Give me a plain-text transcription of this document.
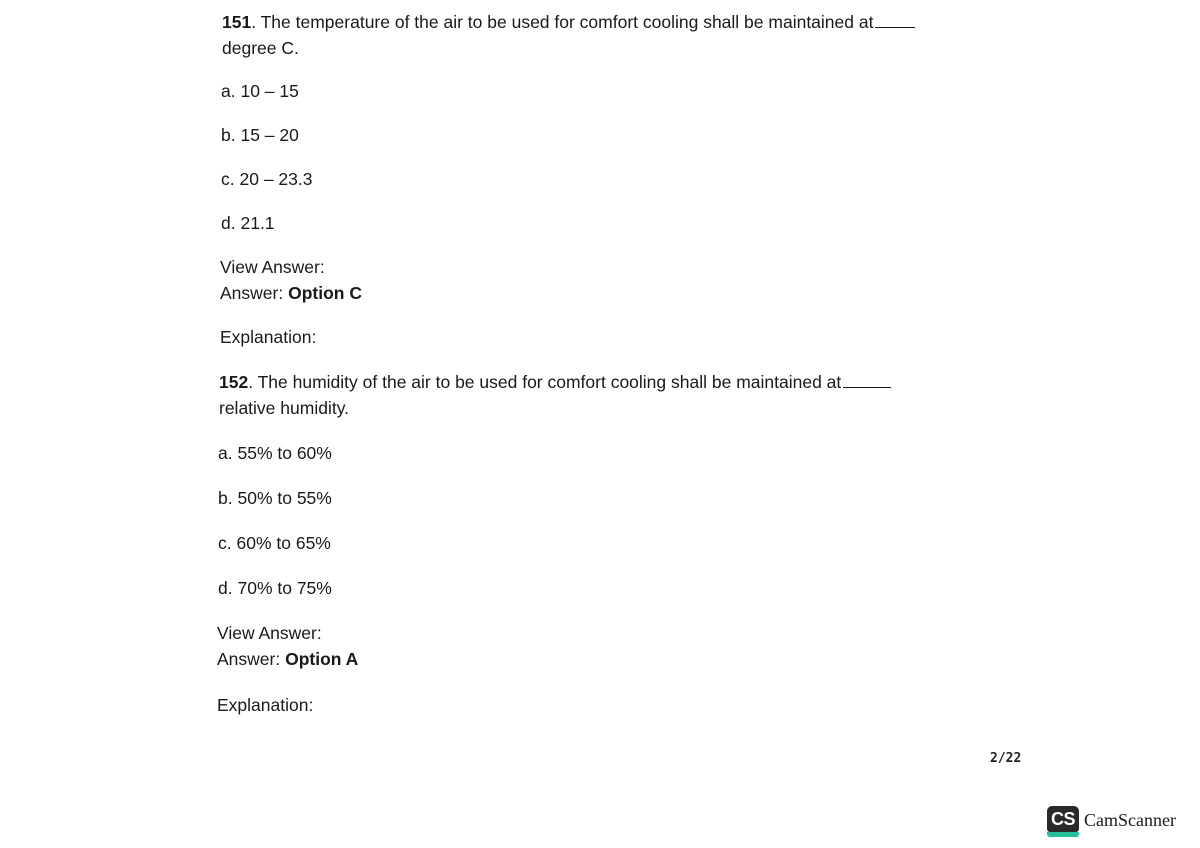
151. The temperature of the air to be used for comfort cooling shall be maintained at
degree C.
a. 10 – 15
b. 15 – 20
c. 20 – 23.3
d. 21.1
View Answer:
Answer: Option C
Explanation:
152. The humidity of the air to be used for comfort cooling shall be maintained at
relative humidity.
a. 55% to 60%
b. 50% to 55%
c. 60% to 65%
d. 70% to 75%
View Answer:
Answer: Option A
Explanation:
2/22
CS CamScanner
